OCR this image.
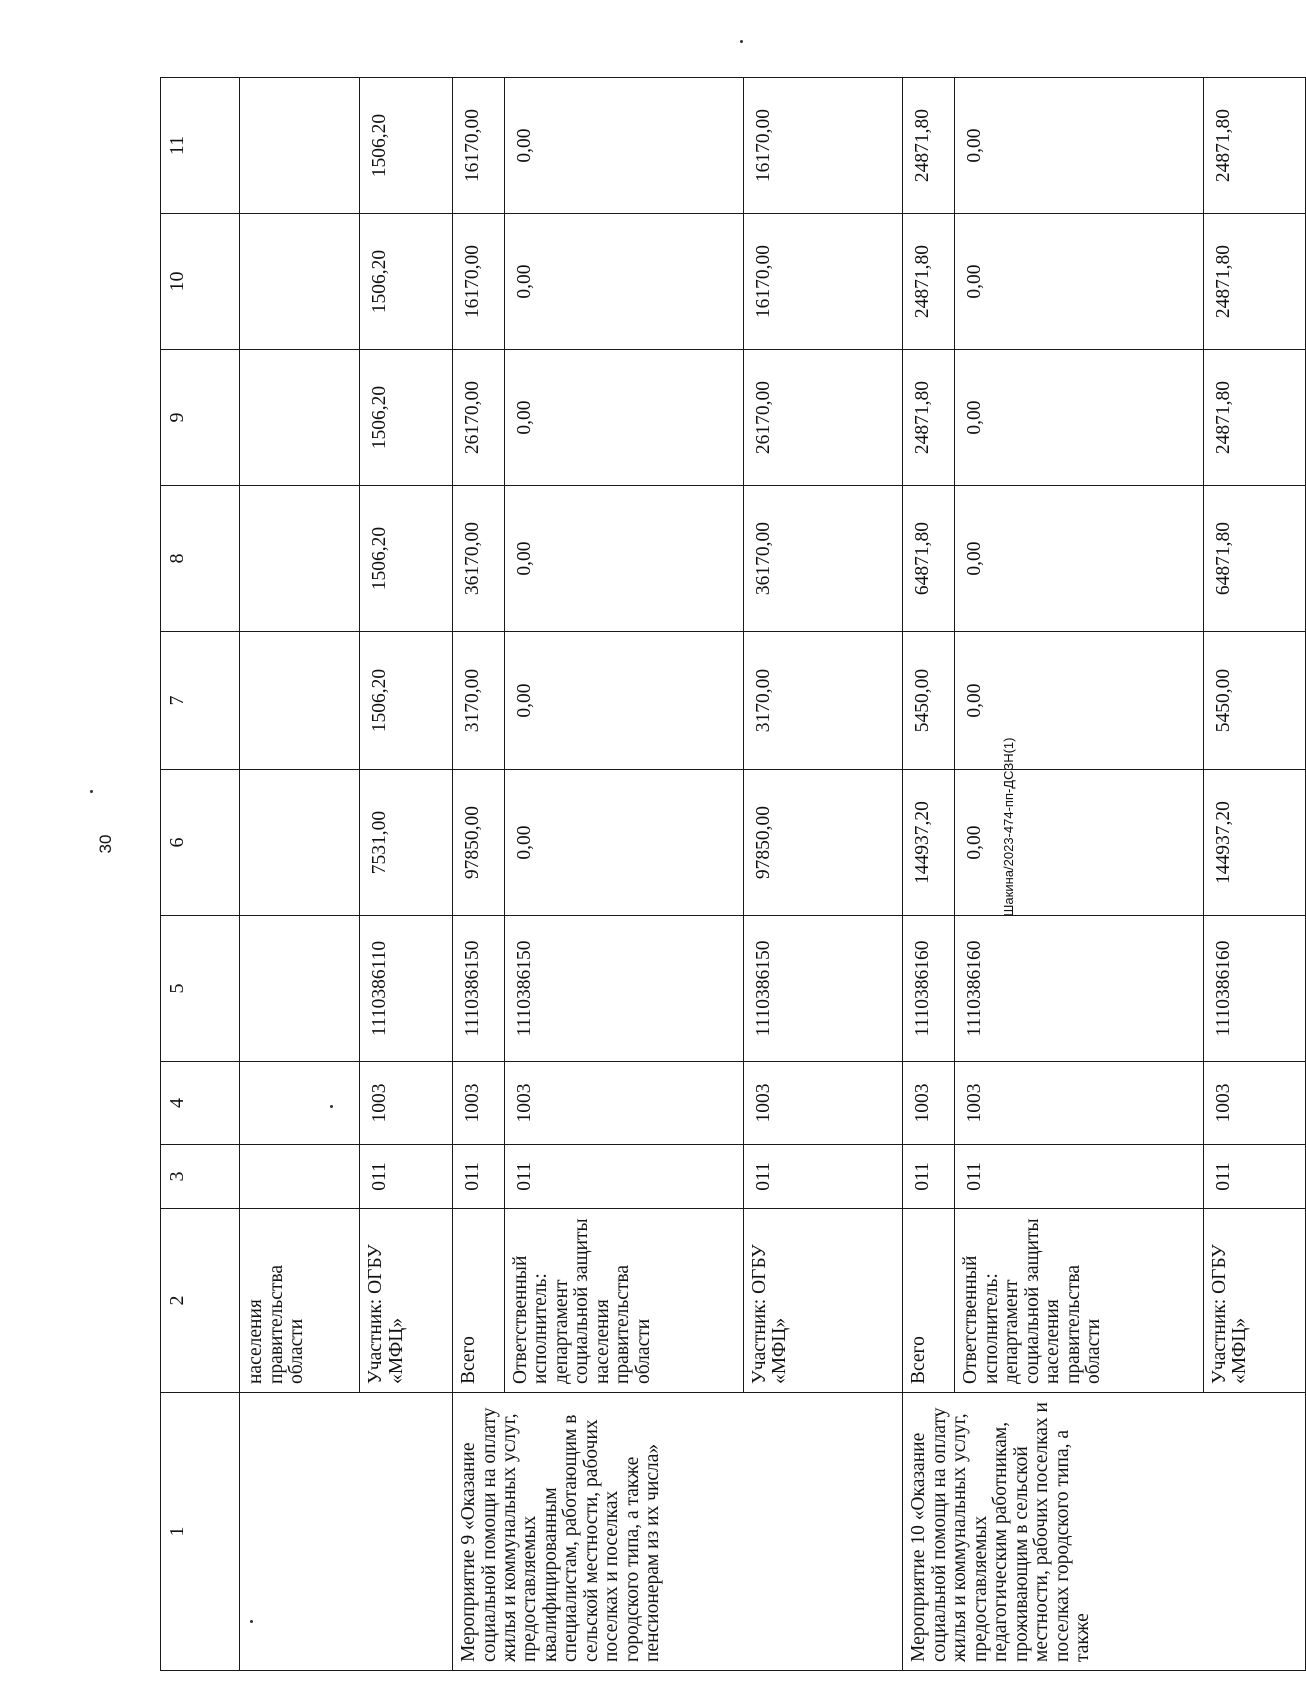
30	Шакина/2023-474-пп-ДСЗН(1)
1	2	3	4	5	6	7	8	9	10	11
	населения правительства области									
	Участник: ОГБУ «МФЦ»	011	1003	1110386110	7531,00	1506,20	1506,20	1506,20	1506,20	1506,20
Мероприятие 9 «Оказание социальной помощи на оплату жилья и коммунальных услуг, предоставляемых квалифицированным специалистам, работающим в сельской местности, рабочих поселках и поселках городского типа, а также пенсионерам из их числа»	Всего	011	1003	1110386150	97850,00	3170,00	36170,00	26170,00	16170,00	16170,00
	Ответственный исполнитель: департамент социальной защиты населения правительства области	011	1003	1110386150	0,00	0,00	0,00	0,00	0,00	0,00
	Участник: ОГБУ «МФЦ»	011	1003	1110386150	97850,00	3170,00	36170,00	26170,00	16170,00	16170,00
Мероприятие 10 «Оказание социальной помощи на оплату жилья и коммунальных услуг, предоставляемых педагогическим работникам, проживающим в сельской местности, рабочих поселках и поселках городского типа, а также	Всего	011	1003	1110386160	144937,20	5450,00	64871,80	24871,80	24871,80	24871,80
	Ответственный исполнитель: департамент социальной защиты населения правительства области	011	1003	1110386160	0,00	0,00	0,00	0,00	0,00	0,00
	Участник: ОГБУ «МФЦ»	011	1003	1110386160	144937,20	5450,00	64871,80	24871,80	24871,80	24871,80
